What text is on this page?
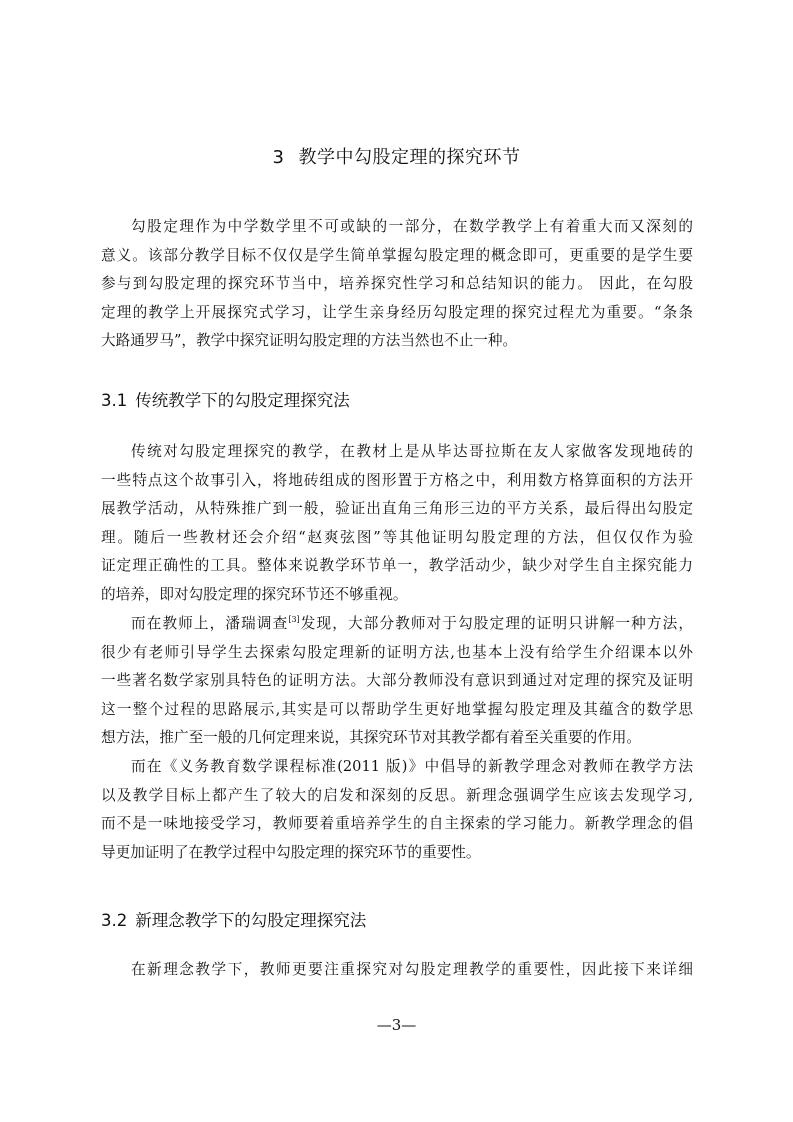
3 教学中勾股定理的探究环节

勾股定理作为中学数学里不可或缺的一部分，在数学教学上有着重大而又深刻的
意义。该部分教学目标不仅仅是学生简单掌握勾股定理的概念即可，更重要的是学生要
参与到勾股定理的探究环节当中，培养探究性学习和总结知识的能力。 因此，在勾股
定理的教学上开展探究式学习，让学生亲身经历勾股定理的探究过程尤为重要。“条条
大路通罗马”，教学中探究证明勾股定理的方法当然也不止一种。

3.1 传统教学下的勾股定理探究法

传统对勾股定理探究的教学，在教材上是从毕达哥拉斯在友人家做客发现地砖的
一些特点这个故事引入，将地砖组成的图形置于方格之中，利用数方格算面积的方法开
展教学活动，从特殊推广到一般，验证出直角三角形三边的平方关系，最后得出勾股定
理。随后一些教材还会介绍“赵爽弦图”等其他证明勾股定理的方法，但仅仅作为验
证定理正确性的工具。整体来说教学环节单一，教学活动少，缺少对学生自主探究能力
的培养，即对勾股定理的探究环节还不够重视。

而在教师上，潘瑞调查[3]发现，大部分教师对于勾股定理的证明只讲解一种方法，
很少有老师引导学生去探索勾股定理新的证明方法,也基本上没有给学生介绍课本以外
一些著名数学家别具特色的证明方法。大部分教师没有意识到通过对定理的探究及证明
这一整个过程的思路展示,其实是可以帮助学生更好地掌握勾股定理及其蕴含的数学思
想方法，推广至一般的几何定理来说，其探究环节对其教学都有着至关重要的作用。

而在《义务教育数学课程标准(2011 版)》中倡导的新教学理念对教师在教学方法
以及教学目标上都产生了较大的启发和深刻的反思。新理念强调学生应该去发现学习,
而不是一味地接受学习，教师要着重培养学生的自主探索的学习能力。新教学理念的倡
导更加证明了在教学过程中勾股定理的探究环节的重要性。

3.2 新理念教学下的勾股定理探究法

在新理念教学下，教师更要注重探究对勾股定理教学的重要性，因此接下来详细

—3—
